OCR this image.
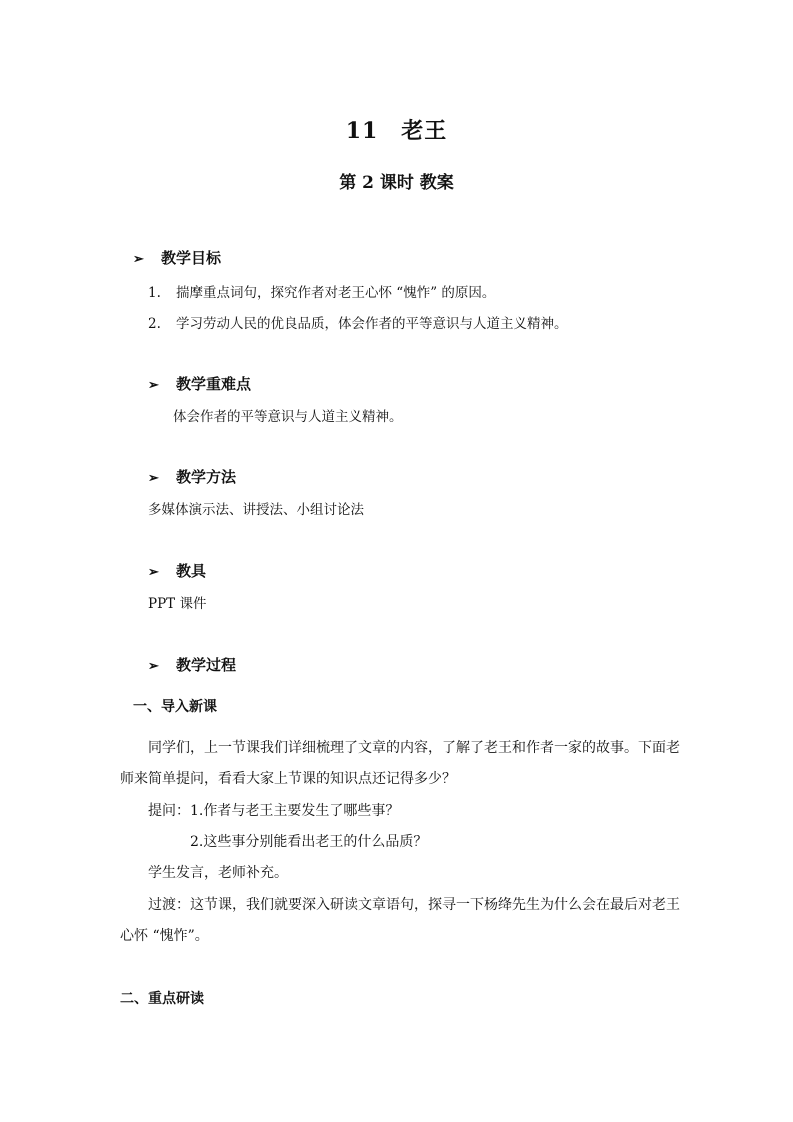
11　老王
第 2 课时 教案
➢ 教学目标
1. 揣摩重点词句，探究作者对老王心怀 “愧怍” 的原因。
2. 学习劳动人民的优良品质，体会作者的平等意识与人道主义精神。
➢ 教学重难点
体会作者的平等意识与人道主义精神。
➢ 教学方法
多媒体演示法、讲授法、小组讨论法
➢ 教具
PPT 课件
➢ 教学过程
一、导入新课
同学们，上一节课我们详细梳理了文章的内容，了解了老王和作者一家的故事。下面老
师来简单提问，看看大家上节课的知识点还记得多少？
提问：1.作者与老王主要发生了哪些事？
2.这些事分别能看出老王的什么品质？
学生发言，老师补充。
过渡：这节课，我们就要深入研读文章语句，探寻一下杨绛先生为什么会在最后对老王
心怀 “愧怍”。
二、重点研读
